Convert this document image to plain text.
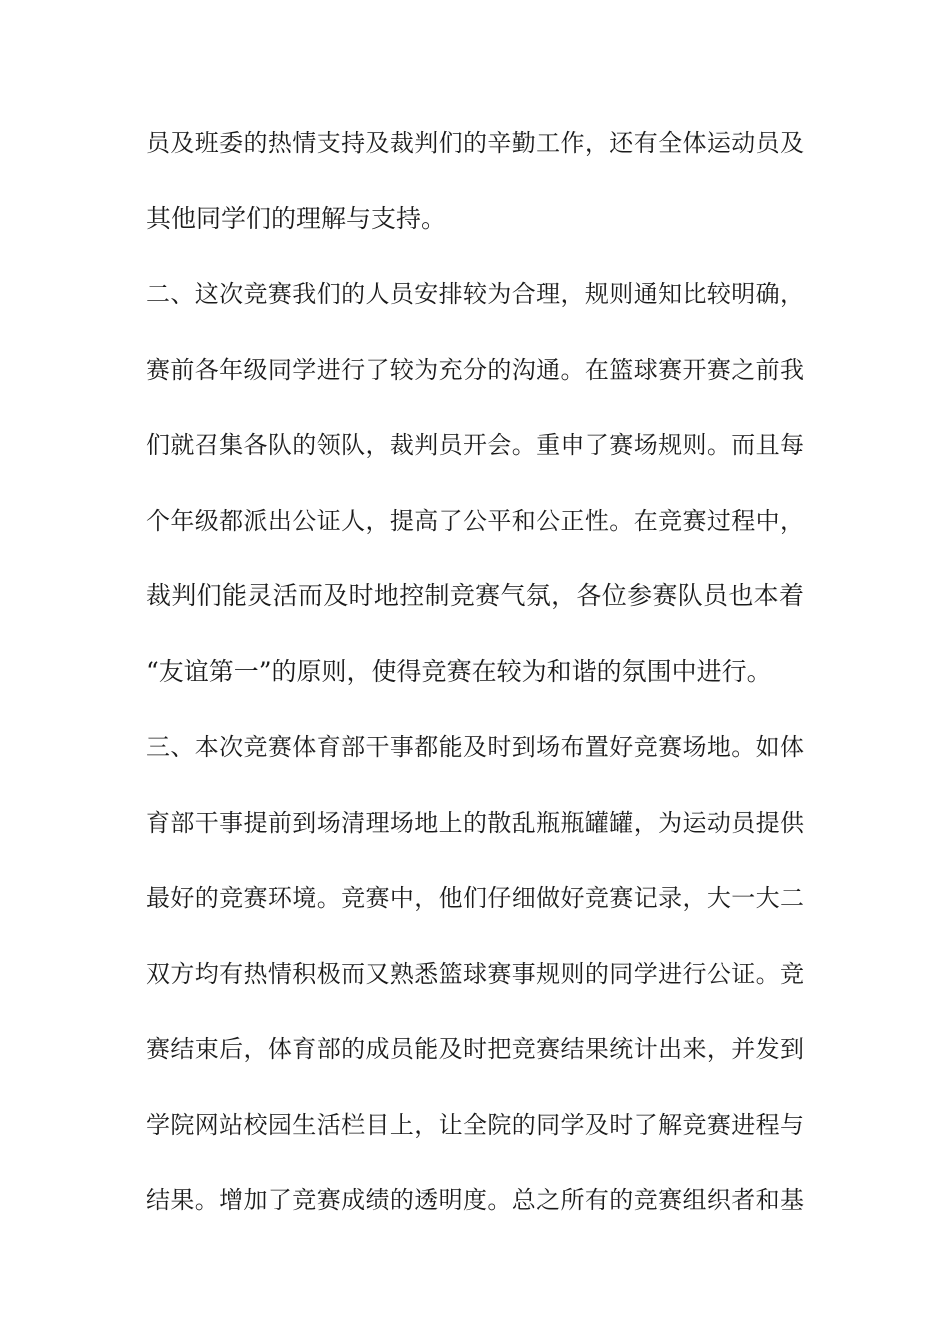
员及班委的热情支持及裁判们的辛勤工作，还有全体运动员及
其他同学们的理解与支持。
二、这次竞赛我们的人员安排较为合理，规则通知比较明确，
赛前各年级同学进行了较为充分的沟通。在篮球赛开赛之前我
们就召集各队的领队，裁判员开会。重申了赛场规则。而且每
个年级都派出公证人，提高了公平和公正性。在竞赛过程中，
裁判们能灵活而及时地控制竞赛气氛，各位参赛队员也本着
“友谊第一”的原则，使得竞赛在较为和谐的氛围中进行。
三、本次竞赛体育部干事都能及时到场布置好竞赛场地。如体
育部干事提前到场清理场地上的散乱瓶瓶罐罐，为运动员提供
最好的竞赛环境。竞赛中，他们仔细做好竞赛记录，大一大二
双方均有热情积极而又熟悉篮球赛事规则的同学进行公证。竞
赛结束后，体育部的成员能及时把竞赛结果统计出来，并发到
学院网站校园生活栏目上，让全院的同学及时了解竞赛进程与
结果。增加了竞赛成绩的透明度。总之所有的竞赛组织者和基
